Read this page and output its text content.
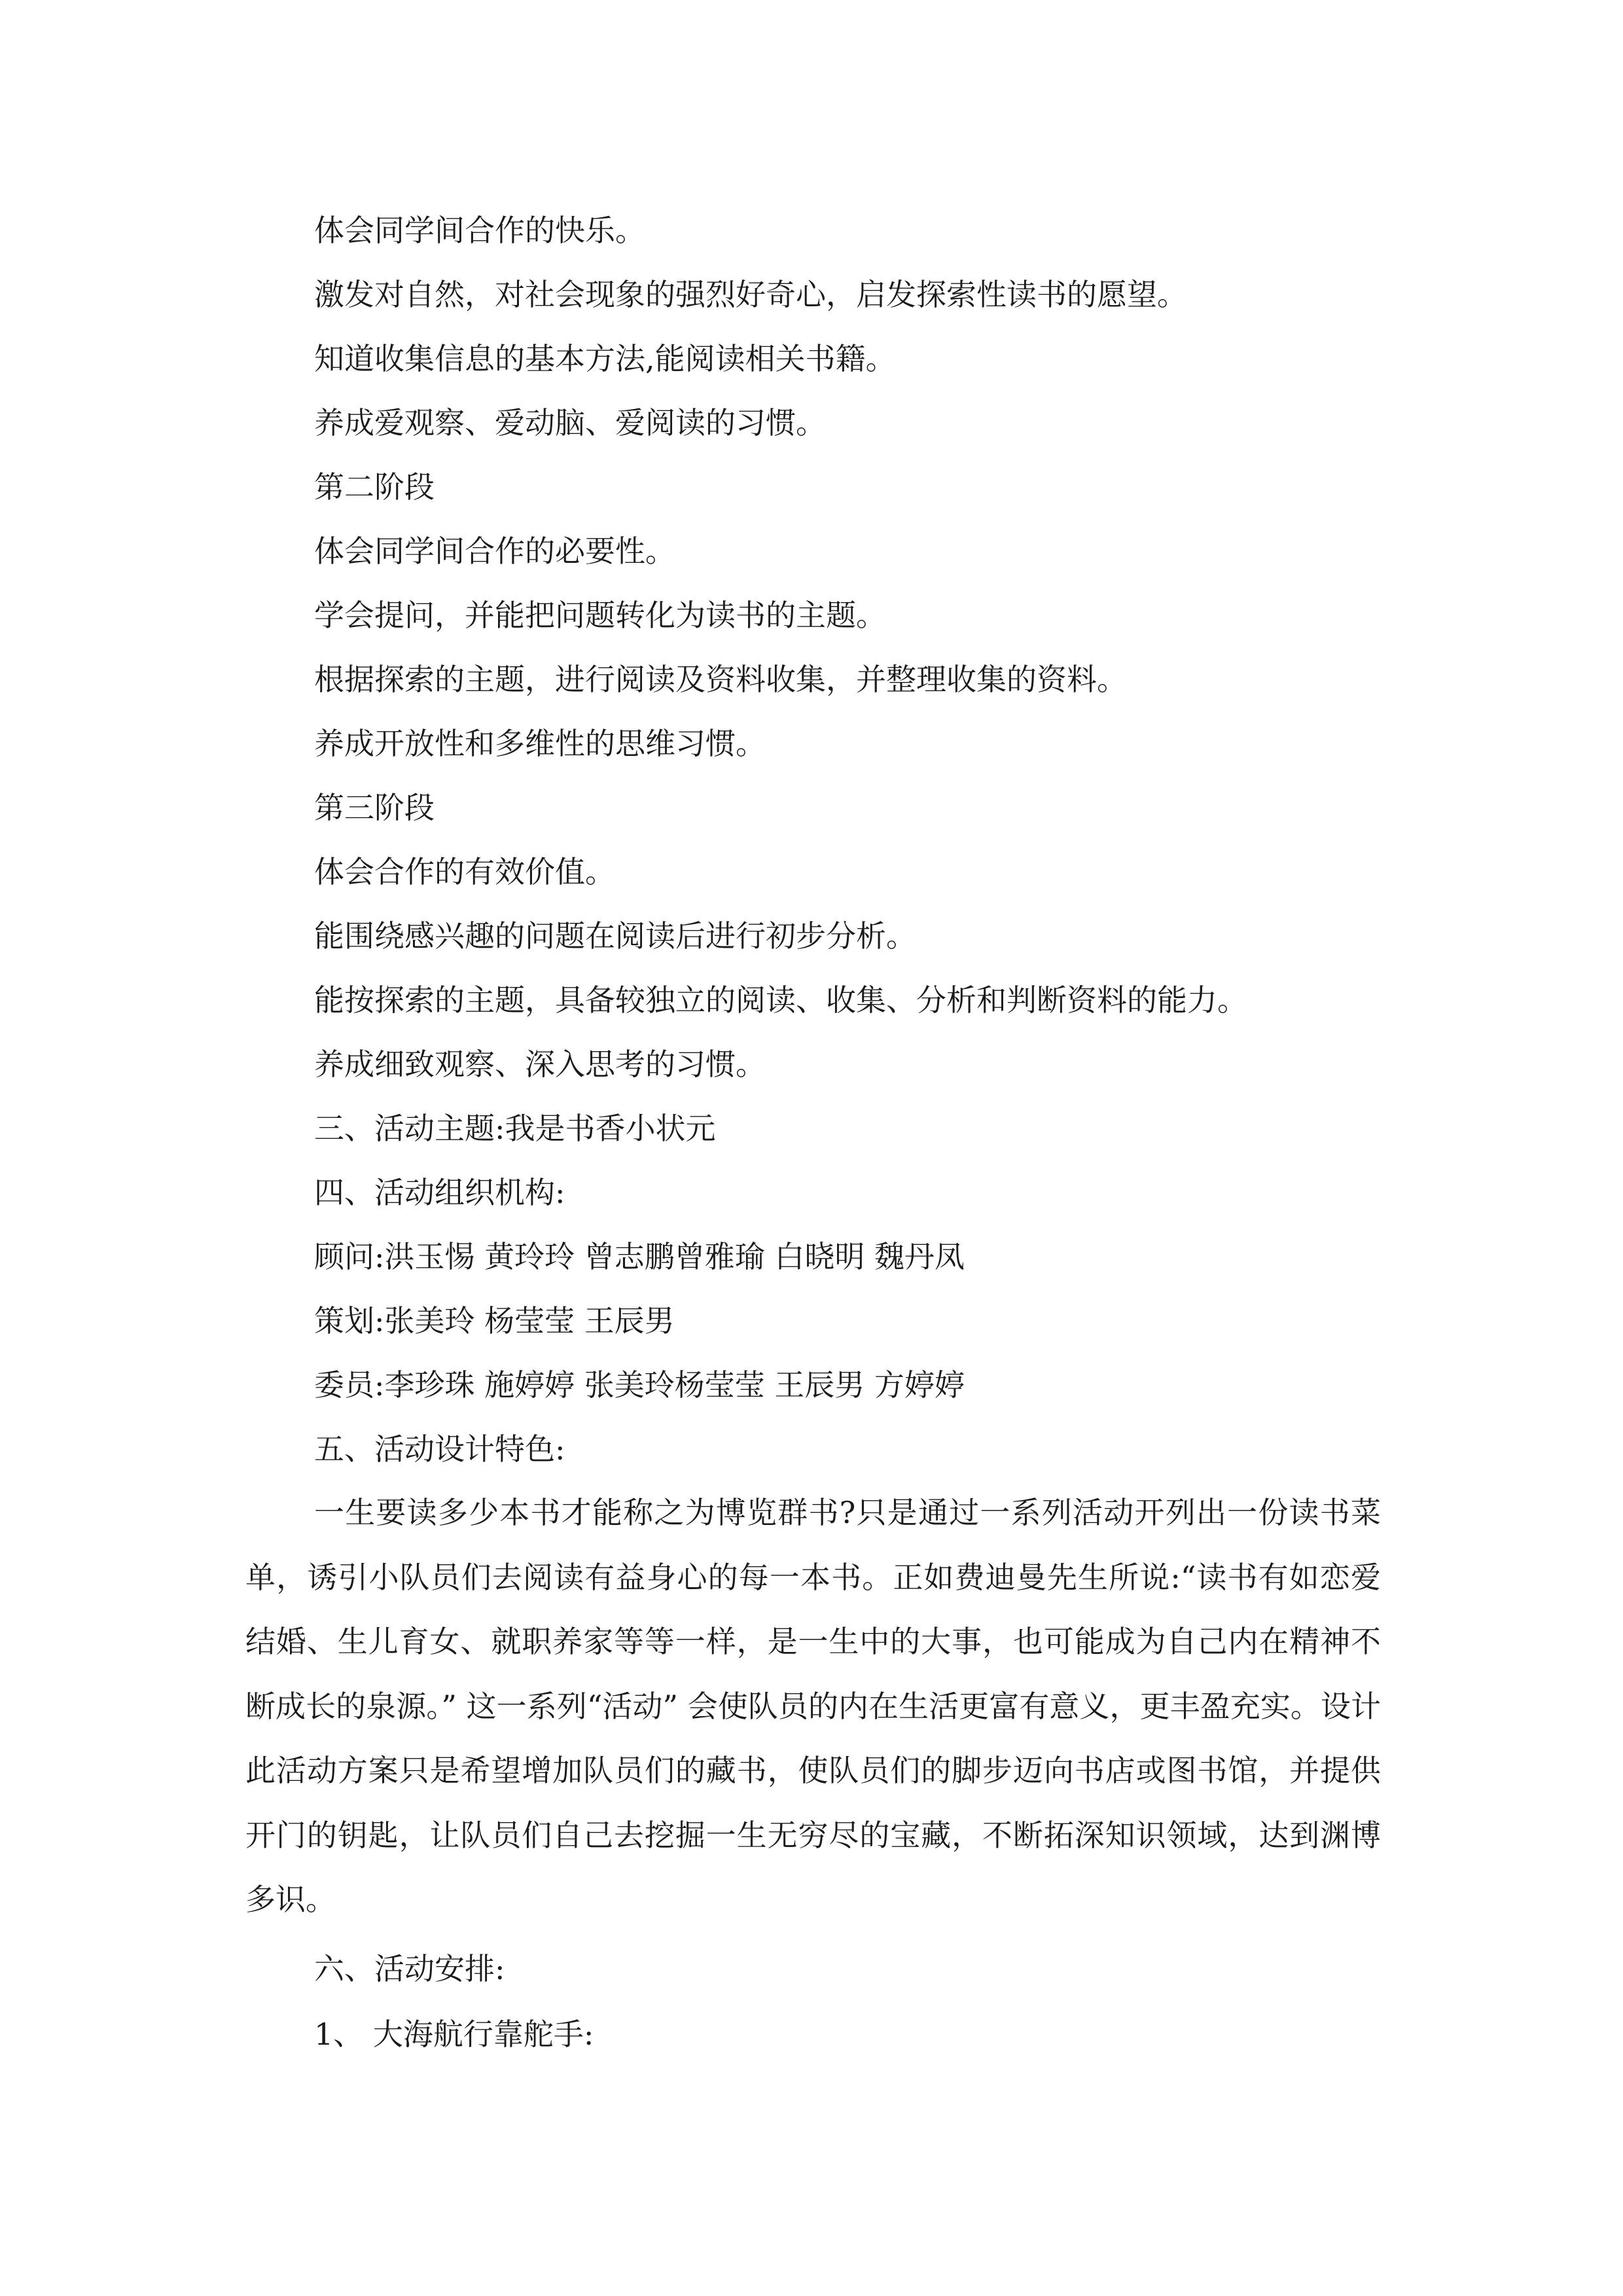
体会同学间合作的快乐。
激发对自然，对社会现象的强烈好奇心，启发探索性读书的愿望。
知道收集信息的基本方法,能阅读相关书籍。
养成爱观察、爱动脑、爱阅读的习惯。
第二阶段
体会同学间合作的必要性。
学会提问，并能把问题转化为读书的主题。
根据探索的主题，进行阅读及资料收集，并整理收集的资料。
养成开放性和多维性的思维习惯。
第三阶段
体会合作的有效价值。
能围绕感兴趣的问题在阅读后进行初步分析。
能按探索的主题，具备较独立的阅读、收集、分析和判断资料的能力。
养成细致观察、深入思考的习惯。
三、活动主题:我是书香小状元
四、活动组织机构:
顾问:洪玉惕 黄玲玲 曾志鹏曾雅瑜 白晓明 魏丹凤
策划:张美玲 杨莹莹 王辰男
委员:李珍珠 施婷婷 张美玲杨莹莹 王辰男 方婷婷
五、活动设计特色:
一生要读多少本书才能称之为博览群书?只是通过一系列活动开列出一份读书菜单，诱引小队员们去阅读有益身心的每一本书。正如费迪曼先生所说:“读书有如恋爱结婚、生儿育女、就职养家等等一样，是一生中的大事，也可能成为自己内在精神不断成长的泉源。” 这一系列“活动” 会使队员的内在生活更富有意义，更丰盈充实。设计此活动方案只是希望增加队员们的藏书，使队员们的脚步迈向书店或图书馆，并提供开门的钥匙，让队员们自己去挖掘一生无穷尽的宝藏，不断拓深知识领域，达到渊博多识。
六、活动安排:
1、 大海航行靠舵手:
